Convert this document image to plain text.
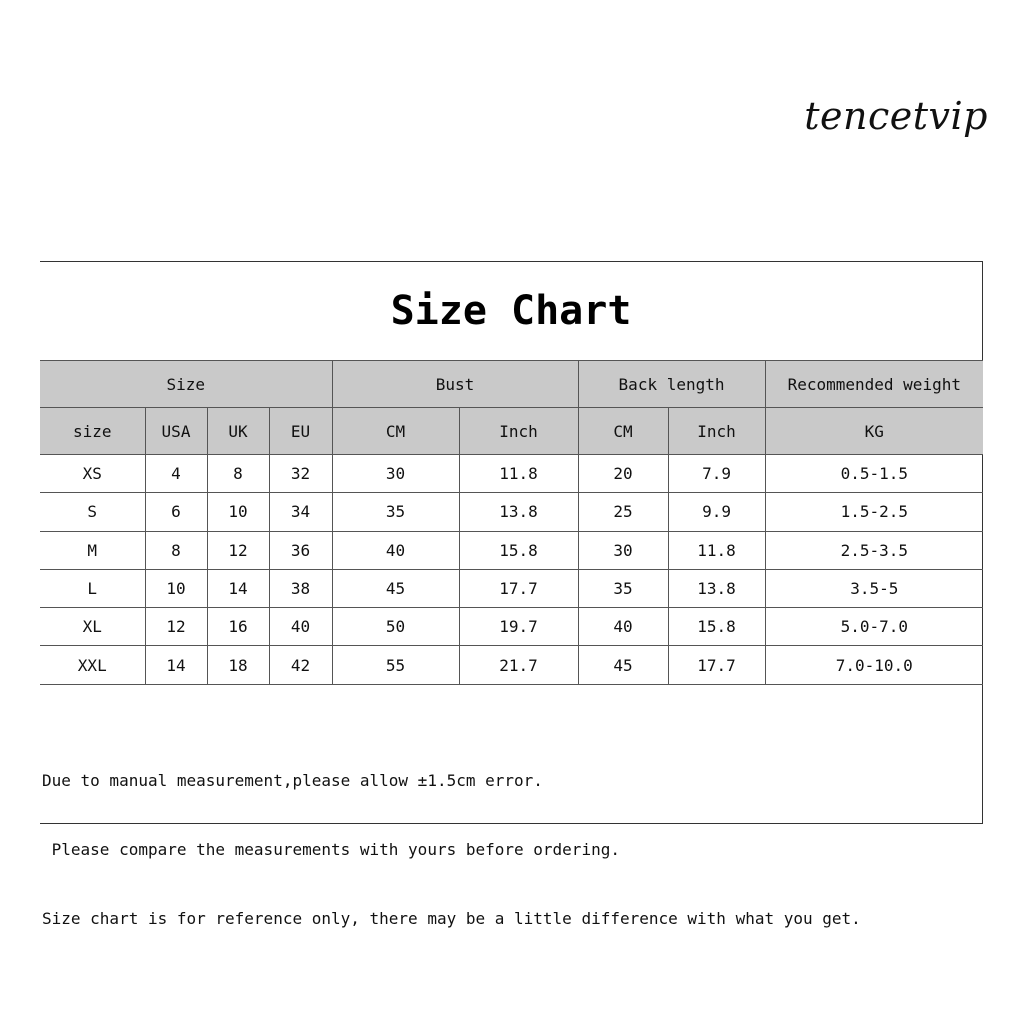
tencetvip
Size Chart
Size				Bust		Back length		Recommended weight
size	USA	UK	EU	CM	Inch	CM	Inch	KG
XS	4	8	32	30	11.8	20	7.9	0.5-1.5
S	6	10	34	35	13.8	25	9.9	1.5-2.5
M	8	12	36	40	15.8	30	11.8	2.5-3.5
L	10	14	38	45	17.7	35	13.8	3.5-5
XL	12	16	40	50	19.7	40	15.8	5.0-7.0
XXL	14	18	42	55	21.7	45	17.7	7.0-10.0

Due to manual measurement,please allow ±1.5cm error.

Please compare the measurements with yours before ordering.

Size chart is for reference only, there may be a little difference with what you get.
